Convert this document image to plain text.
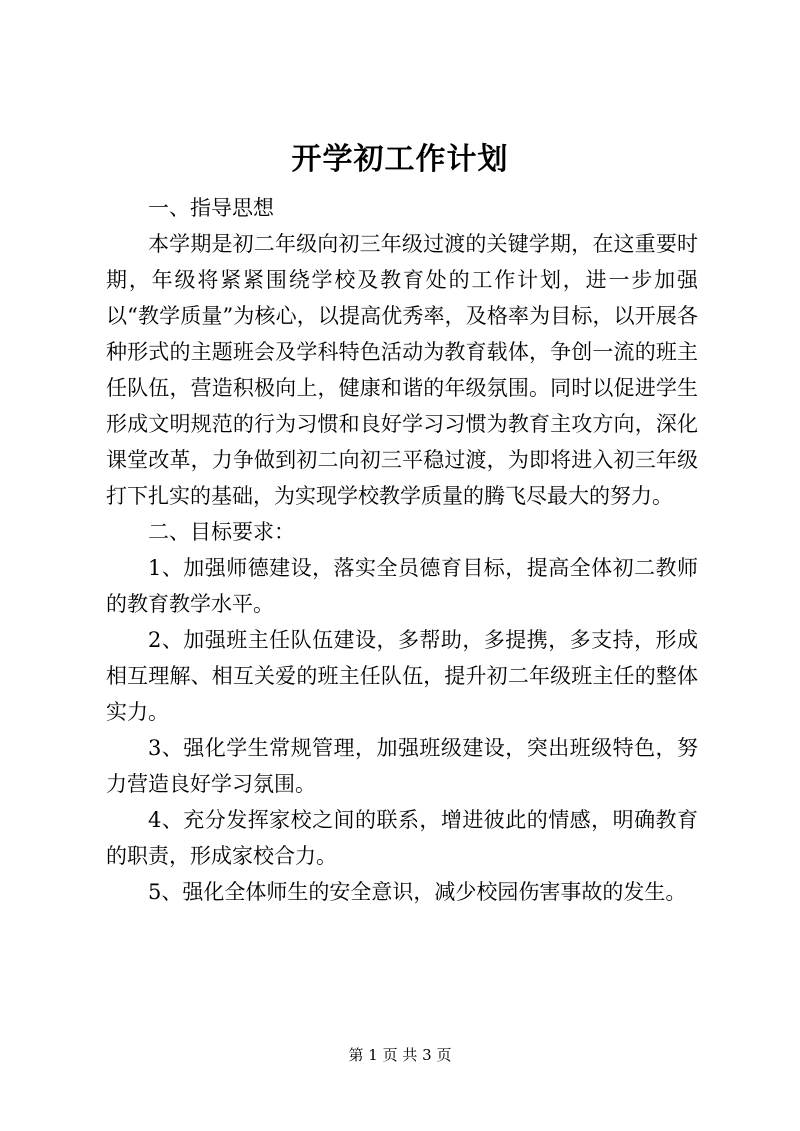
开学初工作计划

一、指导思想

本学期是初二年级向初三年级过渡的关键学期，在这重要时期，年级将紧紧围绕学校及教育处的工作计划，进一步加强以“教学质量”为核心，以提高优秀率，及格率为目标，以开展各种形式的主题班会及学科特色活动为教育载体，争创一流的班主任队伍，营造积极向上，健康和谐的年级氛围。同时以促进学生形成文明规范的行为习惯和良好学习习惯为教育主攻方向，深化课堂改革，力争做到初二向初三平稳过渡，为即将进入初三年级打下扎实的基础，为实现学校教学质量的腾飞尽最大的努力。

二、目标要求：

1、加强师德建设，落实全员德育目标，提高全体初二教师的教育教学水平。

2、加强班主任队伍建设，多帮助，多提携，多支持，形成相互理解、相互关爱的班主任队伍，提升初二年级班主任的整体实力。

3、强化学生常规管理，加强班级建设，突出班级特色，努力营造良好学习氛围。

4、充分发挥家校之间的联系，增进彼此的情感，明确教育的职责，形成家校合力。

5、强化全体师生的安全意识，减少校园伤害事故的发生。

第 1 页 共 3 页
